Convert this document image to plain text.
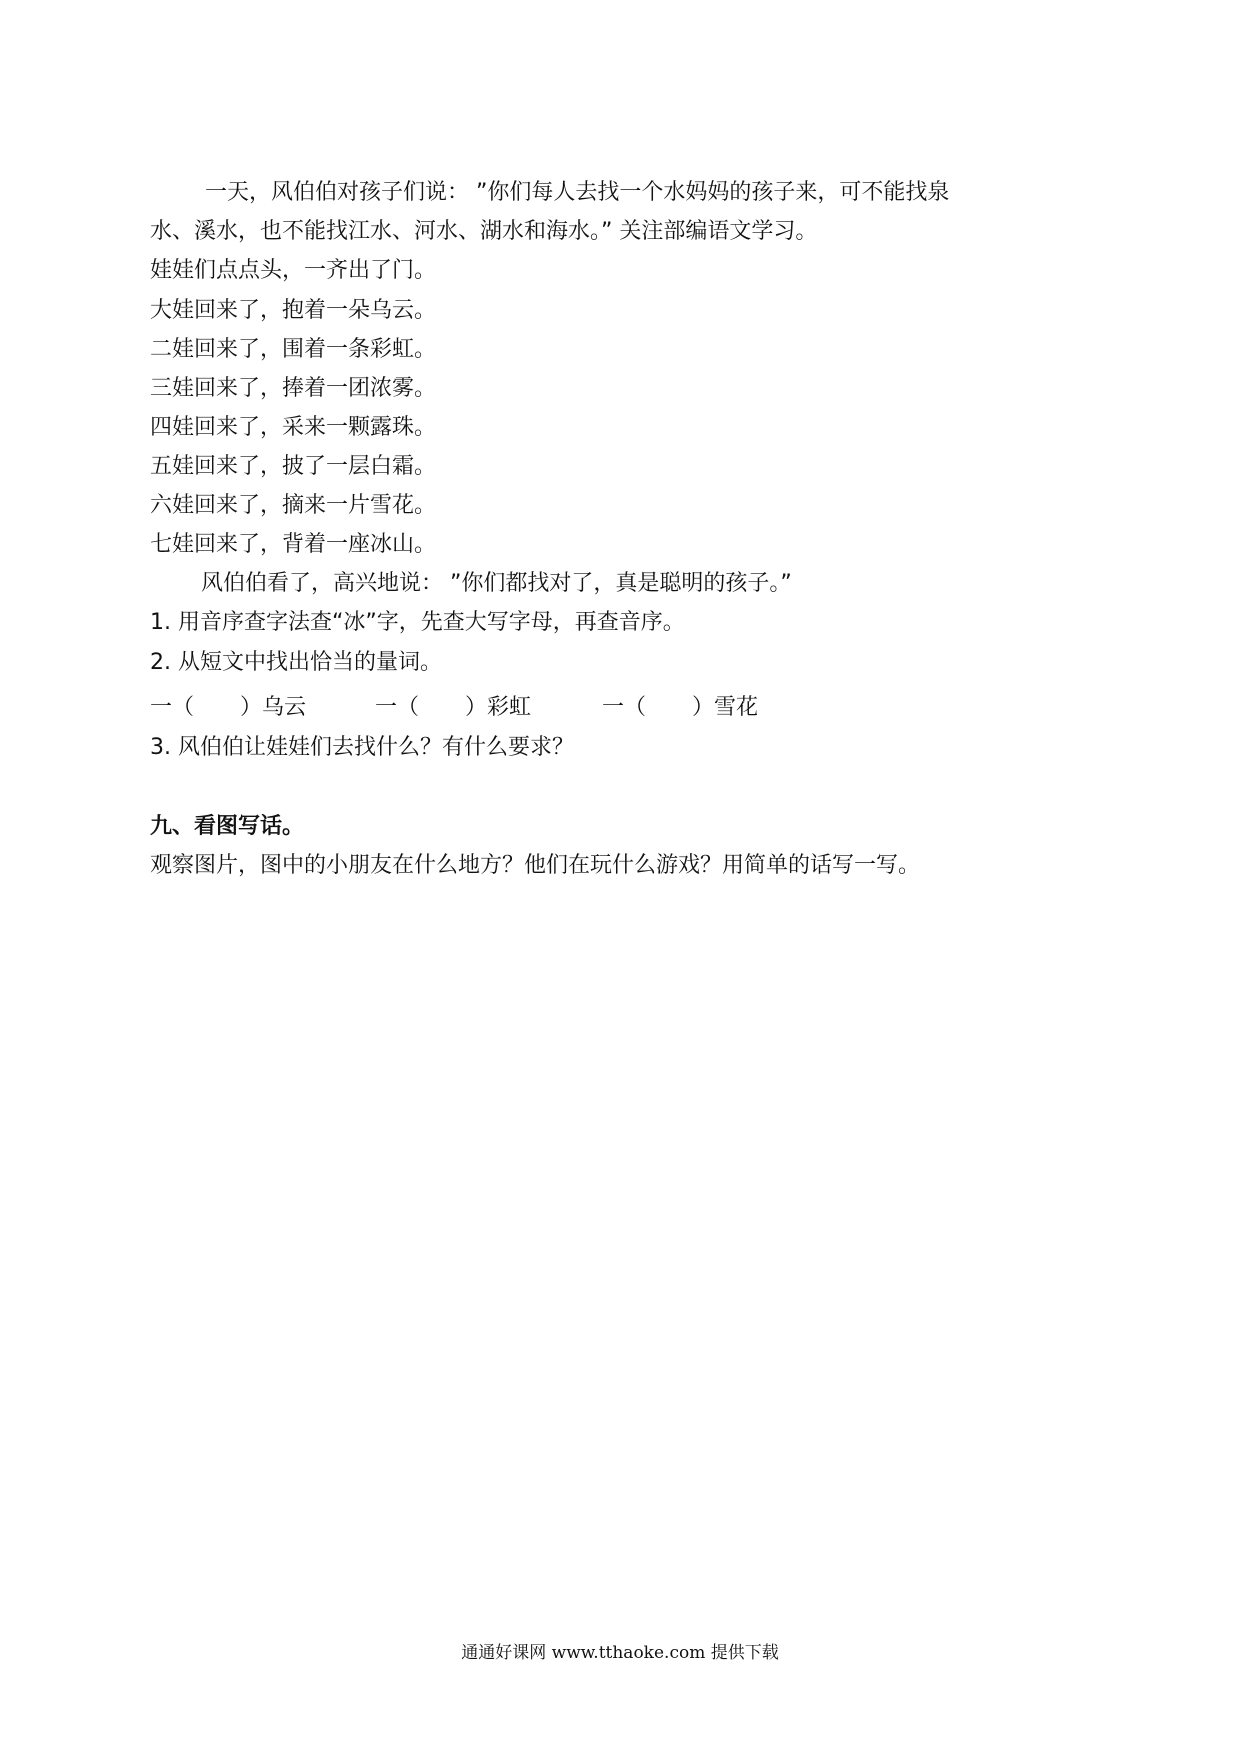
一天，风伯伯对孩子们说： ”你们每人去找一个水妈妈的孩子来，可不能找泉
水、溪水，也不能找江水、河水、湖水和海水。” 关注部编语文学习。
娃娃们点点头，一齐出了门。
大娃回来了，抱着一朵乌云。
二娃回来了，围着一条彩虹。
三娃回来了，捧着一团浓雾。
四娃回来了，采来一颗露珠。
五娃回来了，披了一层白霜。
六娃回来了，摘来一片雪花。
七娃回来了，背着一座冰山。
风伯伯看了，高兴地说： ”你们都找对了，真是聪明的孩子。”
1. 用音序查字法查“冰”字，先查大写字母，再查音序。
2. 从短文中找出恰当的量词。
一（ ）乌云	一（ ）彩虹	一（ ）雪花
3. 风伯伯让娃娃们去找什么？有什么要求？
九、看图写话。
观察图片，图中的小朋友在什么地方？他们在玩什么游戏？用简单的话写一写。
通通好课网 www.tthaoke.com 提供下载
